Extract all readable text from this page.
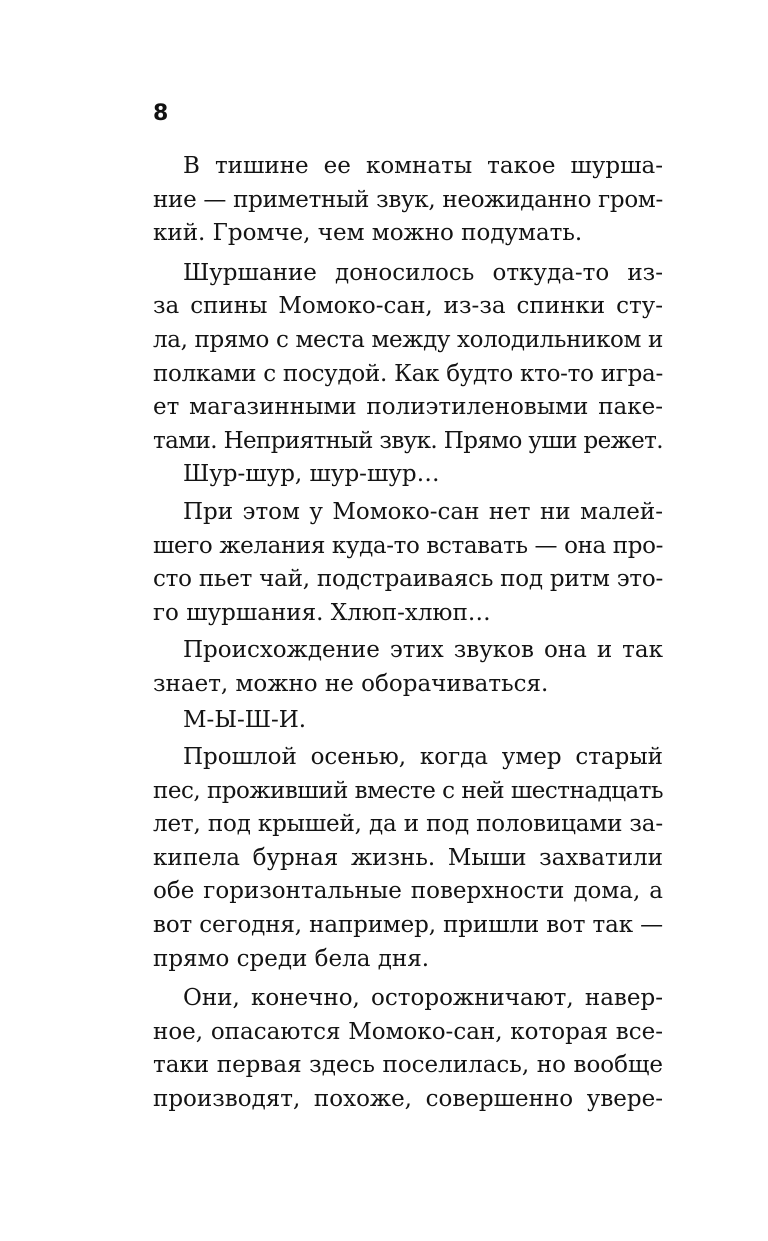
8
В тишине ее комнаты такое шурша-
ние — приметный звук, неожиданно гром-
кий. Громче, чем можно подумать.
Шуршание доносилось откуда-то из-
за спины Момоко-сан, из-за спинки сту-
ла, прямо с места между холодильником и
полками с посудой. Как будто кто-то игра-
ет магазинными полиэтиленовыми паке-
тами. Неприятный звук. Прямо уши режет.
Шур-шур, шур-шур…
При этом у Момоко-сан нет ни малей-
шего желания куда-то вставать — она про-
сто пьет чай, подстраиваясь под ритм это-
го шуршания. Хлюп-хлюп…
Происхождение этих звуков она и так
знает, можно не оборачиваться.
М-Ы-Ш-И.
Прошлой осенью, когда умер старый
пес, проживший вместе с ней шестнадцать
лет, под крышей, да и под половицами за-
кипела бурная жизнь. Мыши захватили
обе горизонтальные поверхности дома, а
вот сегодня, например, пришли вот так —
прямо среди бела дня.
Они, конечно, осторожничают, навер-
ное, опасаются Момоко-сан, которая все-
таки первая здесь поселилась, но вообще
производят, похоже, совершенно увере-
